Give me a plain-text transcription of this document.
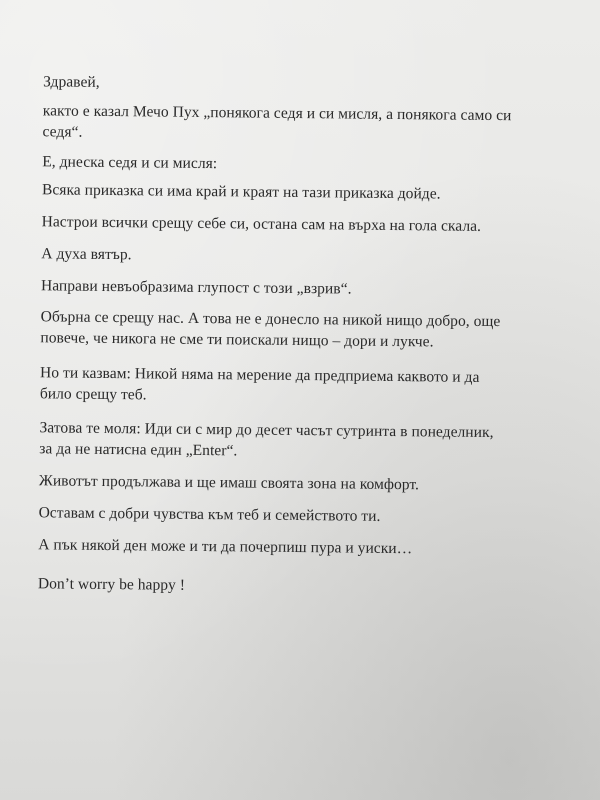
Здравей,

както е казал Мечо Пух „понякога седя и си мисля, а понякога само си седя“.

Е, днеска седя и си мисля:

Всяка приказка си има край и краят на тази приказка дойде.

Настрои всички срещу себе си, остана сам на върха на гола скала.

А духа вятър.

Направи невъобразима глупост с този „взрив“.

Обърна се срещу нас. А това не е донесло на никой нищо добро, още повече, че никога не сме ти поискали нищо – дори и лукче.

Но ти казвам: Никой няма на мерение да предприема каквото и да било срещу теб.

Затова те моля: Иди си с мир до десет часът сутринта в понеделник, за да не натисна един „Enter“.

Животът продължава и ще имаш своята зона на комфорт.

Оставам с добри чувства към теб и семейството ти.

А пък някой ден може и ти да почерпиш пура и уиски…

Don’t worry be happy !
